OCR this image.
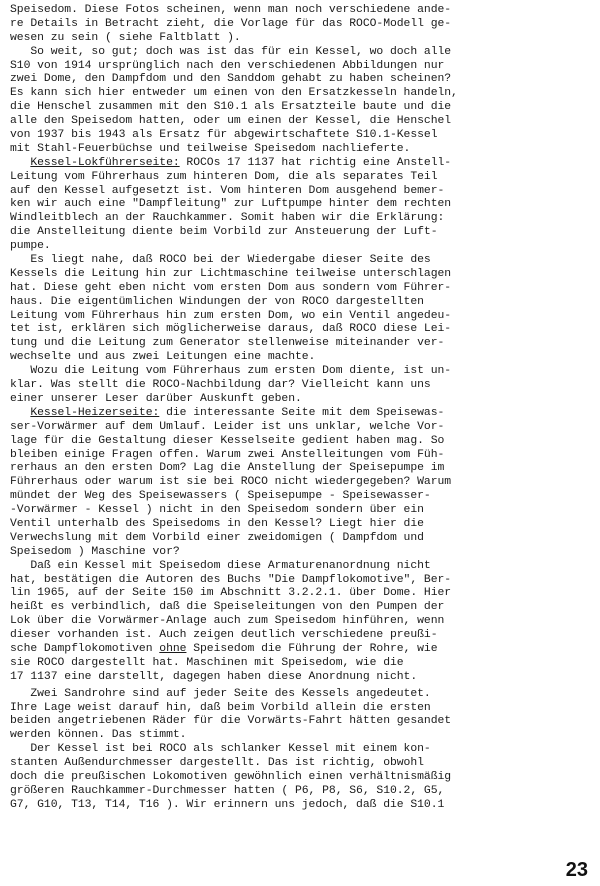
Speisedom. Diese Fotos scheinen, wenn man noch verschiedene ande-
re Details in Betracht zieht, die Vorlage für das ROCO-Modell ge-
wesen zu sein ( siehe Faltblatt ).
So weit, so gut; doch was ist das für ein Kessel, wo doch alle
S10 von 1914 ursprünglich nach den verschiedenen Abbildungen nur
zwei Dome, den Dampfdom und den Sanddom gehabt zu haben scheinen?
Es kann sich hier entweder um einen von den Ersatzkesseln handeln,
die Henschel zusammen mit den S10.1 als Ersatzteile baute und die
alle den Speisedom hatten, oder um einen der Kessel, die Henschel
von 1937 bis 1943 als Ersatz für abgewirtschaftete S10.1-Kessel
mit Stahl-Feuerbüchse und teilweise Speisedom nachlieferte.
Kessel-Lokführerseite: ROCOs 17 1137 hat richtig eine Anstell-
Leitung vom Führerhaus zum hinteren Dom, die als separates Teil
auf den Kessel aufgesetzt ist. Vom hinteren Dom ausgehend bemer-
ken wir auch eine "Dampfleitung" zur Luftpumpe hinter dem rechten
Windleitblech an der Rauchkammer. Somit haben wir die Erklärung:
die Anstelleitung diente beim Vorbild zur Ansteuerung der Luft-
pumpe.
Es liegt nahe, daß ROCO bei der Wiedergabe dieser Seite des
Kessels die Leitung hin zur Lichtmaschine teilweise unterschlagen
hat. Diese geht eben nicht vom ersten Dom aus sondern vom Führer-
haus. Die eigentümlichen Windungen der von ROCO dargestellten
Leitung vom Führerhaus hin zum ersten Dom, wo ein Ventil angedeu-
tet ist, erklären sich möglicherweise daraus, daß ROCO diese Lei-
tung und die Leitung zum Generator stellenweise miteinander ver-
wechselte und aus zwei Leitungen eine machte.
Wozu die Leitung vom Führerhaus zum ersten Dom diente, ist un-
klar. Was stellt die ROCO-Nachbildung dar? Vielleicht kann uns
einer unserer Leser darüber Auskunft geben.
Kessel-Heizerseite: die interessante Seite mit dem Speisewas-
ser-Vorwärmer auf dem Umlauf. Leider ist uns unklar, welche Vor-
lage für die Gestaltung dieser Kesselseite gedient haben mag. So
bleiben einige Fragen offen. Warum zwei Anstelleitungen vom Füh-
rerhaus an den ersten Dom? Lag die Anstellung der Speisepumpe im
Führerhaus oder warum ist sie bei ROCO nicht wiedergegeben? Warum
mündet der Weg des Speisewassers ( Speisepumpe - Speisewasser-
-Vorwärmer - Kessel ) nicht in den Speisedom sondern über ein
Ventil unterhalb des Speisedoms in den Kessel? Liegt hier die
Verwechslung mit dem Vorbild einer zweidomigen ( Dampfdom und
Speisedom ) Maschine vor?
Daß ein Kessel mit Speisedom diese Armaturenanordnung nicht
hat, bestätigen die Autoren des Buchs "Die Dampflokomotive", Ber-
lin 1965, auf der Seite 150 im Abschnitt 3.2.2.1. über Dome. Hier
heißt es verbindlich, daß die Speiseleitungen von den Pumpen der
Lok über die Vorwärmer-Anlage auch zum Speisedom hinführen, wenn
dieser vorhanden ist. Auch zeigen deutlich verschiedene preußi-
sche Dampflokomotiven ohne Speisedom die Führung der Rohre, wie
sie ROCO dargestellt hat. Maschinen mit Speisedom, wie die
17 1137 eine darstellt, dagegen haben diese Anordnung nicht.
Zwei Sandrohre sind auf jeder Seite des Kessels angedeutet.
Ihre Lage weist darauf hin, daß beim Vorbild allein die ersten
beiden angetriebenen Räder für die Vorwärts-Fahrt hätten gesandet
werden können. Das stimmt.
Der Kessel ist bei ROCO als schlanker Kessel mit einem kon-
stanten Außendurchmesser dargestellt. Das ist richtig, obwohl
doch die preußischen Lokomotiven gewöhnlich einen verhältnismäßig
größeren Rauchkammer-Durchmesser hatten ( P6, P8, S6, S10.2, G5,
G7, G10, T13, T14, T16 ). Wir erinnern uns jedoch, daß die S10.1
23
